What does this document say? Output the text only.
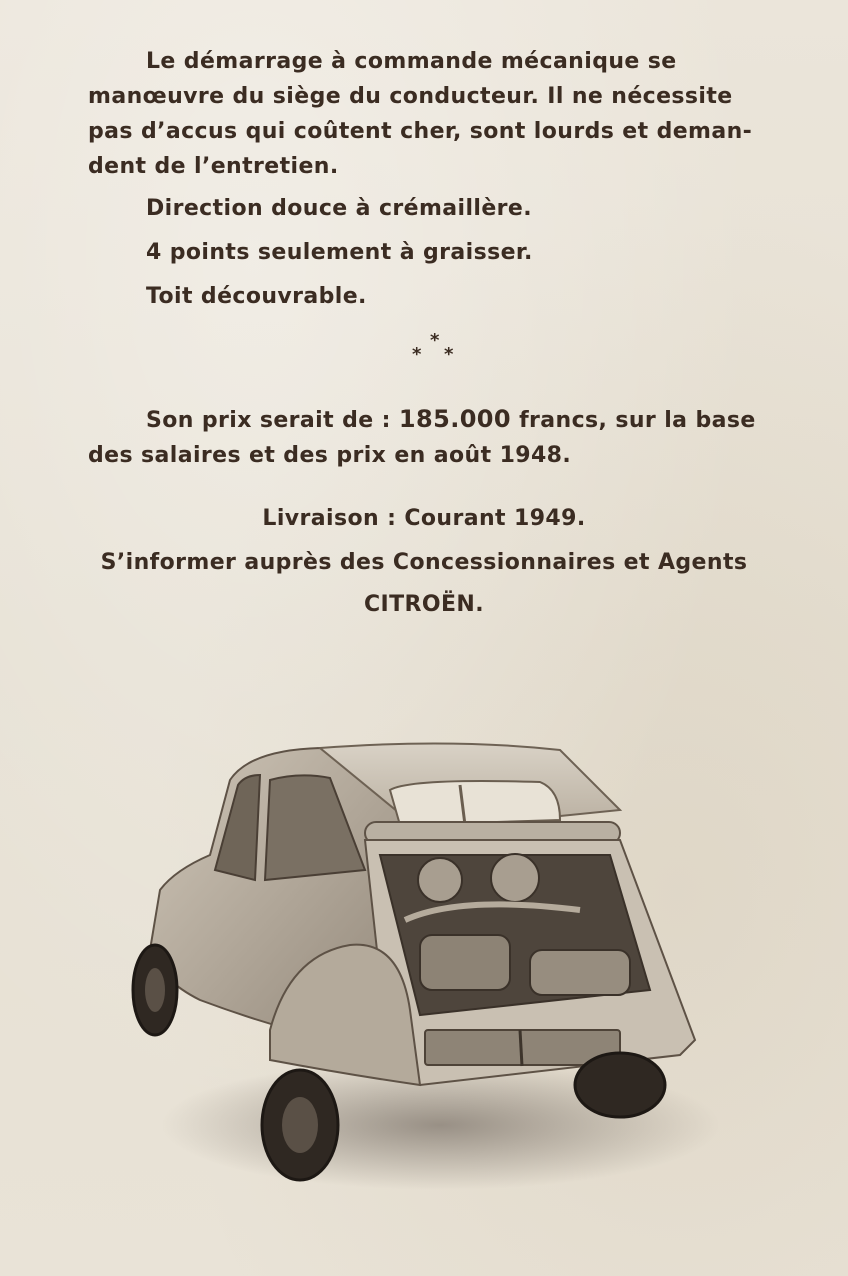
Le démarrage à commande mécanique se
manœuvre du siège du conducteur. Il ne nécessite
pas d’accus qui coûtent cher, sont lourds et deman-
dent de l’entretien.
Direction douce à crémaillère.
4 points seulement à graisser.
Toit découvrable.
*
* *
Son prix serait de : 185.000 francs, sur la base
des salaires et des prix en août 1948.
Livraison : Courant 1949.
S’informer auprès des Concessionnaires et Agents
CITROËN.
